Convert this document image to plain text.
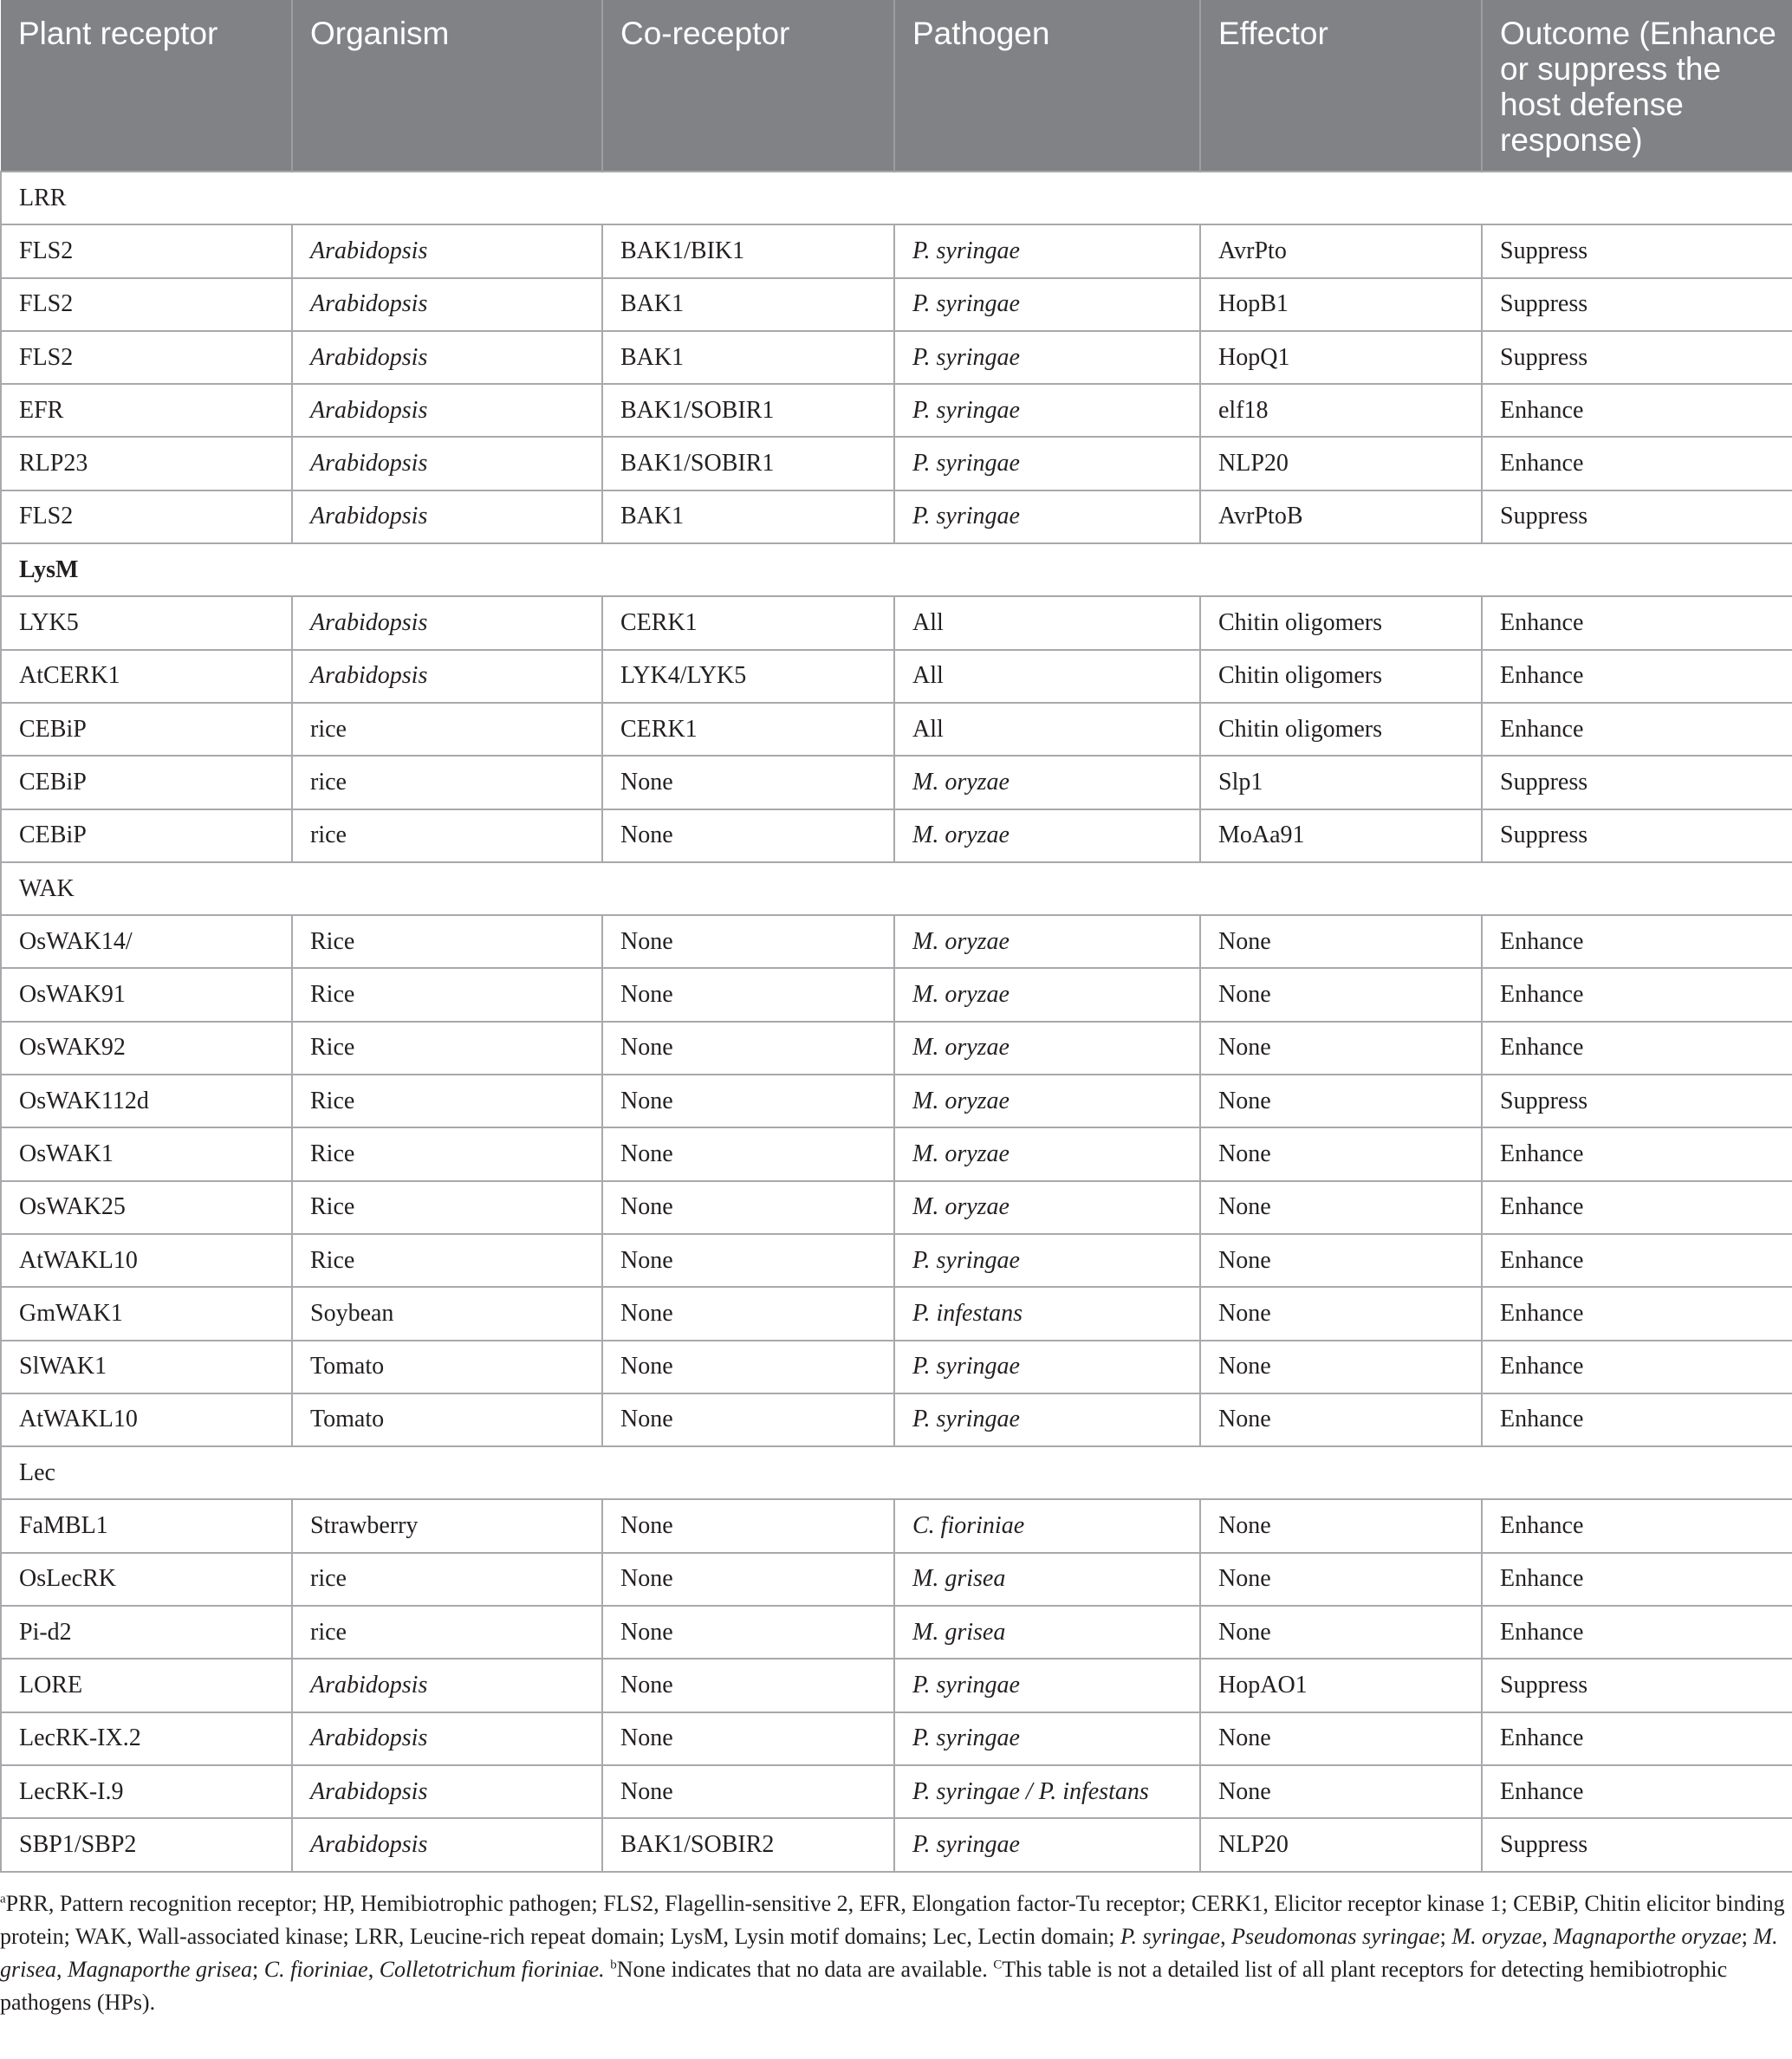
Plant receptor	Organism	Co-receptor	Pathogen	Effector	Outcome (Enhance or suppress the host defense response)
LRR					
FLS2	Arabidopsis	BAK1/BIK1	P. syringae	AvrPto	Suppress
FLS2	Arabidopsis	BAK1	P. syringae	HopB1	Suppress
FLS2	Arabidopsis	BAK1	P. syringae	HopQ1	Suppress
EFR	Arabidopsis	BAK1/SOBIR1	P. syringae	elf18	Enhance
RLP23	Arabidopsis	BAK1/SOBIR1	P. syringae	NLP20	Enhance
FLS2	Arabidopsis	BAK1	P. syringae	AvrPtoB	Suppress
LysM					
LYK5	Arabidopsis	CERK1	All	Chitin oligomers	Enhance
AtCERK1	Arabidopsis	LYK4/LYK5	All	Chitin oligomers	Enhance
CEBiP	rice	CERK1	All	Chitin oligomers	Enhance
CEBiP	rice	None	M. oryzae	Slp1	Suppress
CEBiP	rice	None	M. oryzae	MoAa91	Suppress
WAK					
OsWAK14/	Rice	None	M. oryzae	None	Enhance
OsWAK91	Rice	None	M. oryzae	None	Enhance
OsWAK92	Rice	None	M. oryzae	None	Enhance
OsWAK112d	Rice	None	M. oryzae	None	Suppress
OsWAK1	Rice	None	M. oryzae	None	Enhance
OsWAK25	Rice	None	M. oryzae	None	Enhance
AtWAKL10	Rice	None	P. syringae	None	Enhance
GmWAK1	Soybean	None	P. infestans	None	Enhance
SlWAK1	Tomato	None	P. syringae	None	Enhance
AtWAKL10	Tomato	None	P. syringae	None	Enhance
Lec					
FaMBL1	Strawberry	None	C. fioriniae	None	Enhance
OsLecRK	rice	None	M. grisea	None	Enhance
Pi-d2	rice	None	M. grisea	None	Enhance
LORE	Arabidopsis	None	P. syringae	HopAO1	Suppress
LecRK-IX.2	Arabidopsis	None	P. syringae	None	Enhance
LecRK-I.9	Arabidopsis	None	P. syringae / P. infestans	None	Enhance
SBP1/SBP2	Arabidopsis	BAK1/SOBIR2	P. syringae	NLP20	Suppress
$^a$PRR, Pattern recognition receptor; HP, Hemibiotrophic pathogen; FLS2, Flagellin-sensitive 2, EFR, Elongation factor-Tu receptor; CERK1, Elicitor receptor kinase 1; CEBiP, Chitin elicitor binding protein; WAK, Wall-associated kinase; LRR, Leucine-rich repeat domain; LysM, Lysin motif domains; Lec, Lectin domain; P. syringae, Pseudomonas syringae; M. oryzae, Magnaporthe oryzae; M. grisea, Magnaporthe grisea; C. fioriniae, Colletotrichum fioriniae. $^b$None indicates that no data are available. $^C$This table is not a detailed list of all plant receptors for detecting hemibiotrophic pathogens (HPs).
